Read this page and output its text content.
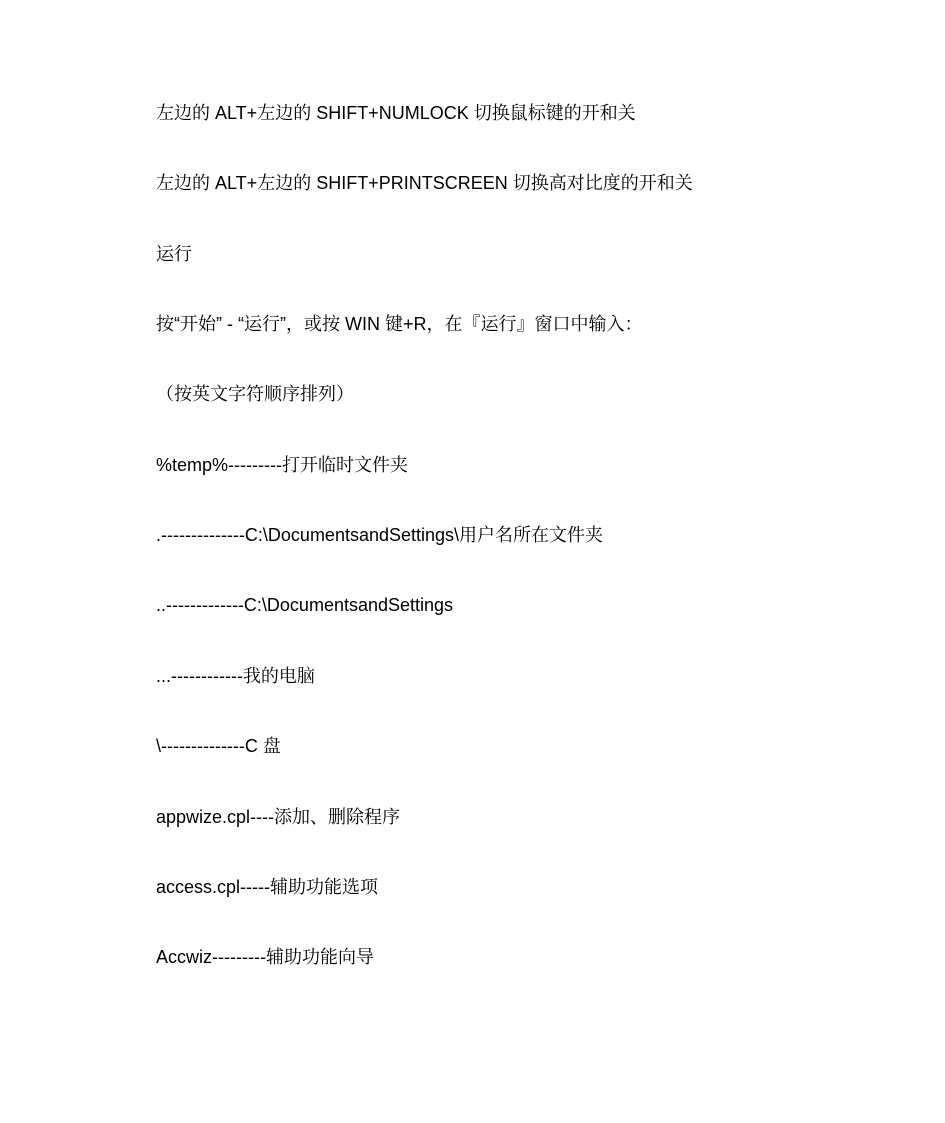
左边的 ALT+左边的 SHIFT+NUMLOCK 切换鼠标键的开和关
左边的 ALT+左边的 SHIFT+PRINTSCREEN 切换高对比度的开和关
运行
按“开始” - “运行”，或按 WIN 键+R，在『运行』窗口中输入：
（按英文字符顺序排列）
%temp%---------打开临时文件夹
.--------------C:\DocumentsandSettings\用户名所在文件夹
..-------------C:\DocumentsandSettings
...------------我的电脑
\--------------C 盘
appwize.cpl----添加、删除程序
access.cpl-----辅助功能选项
Accwiz---------辅助功能向导
